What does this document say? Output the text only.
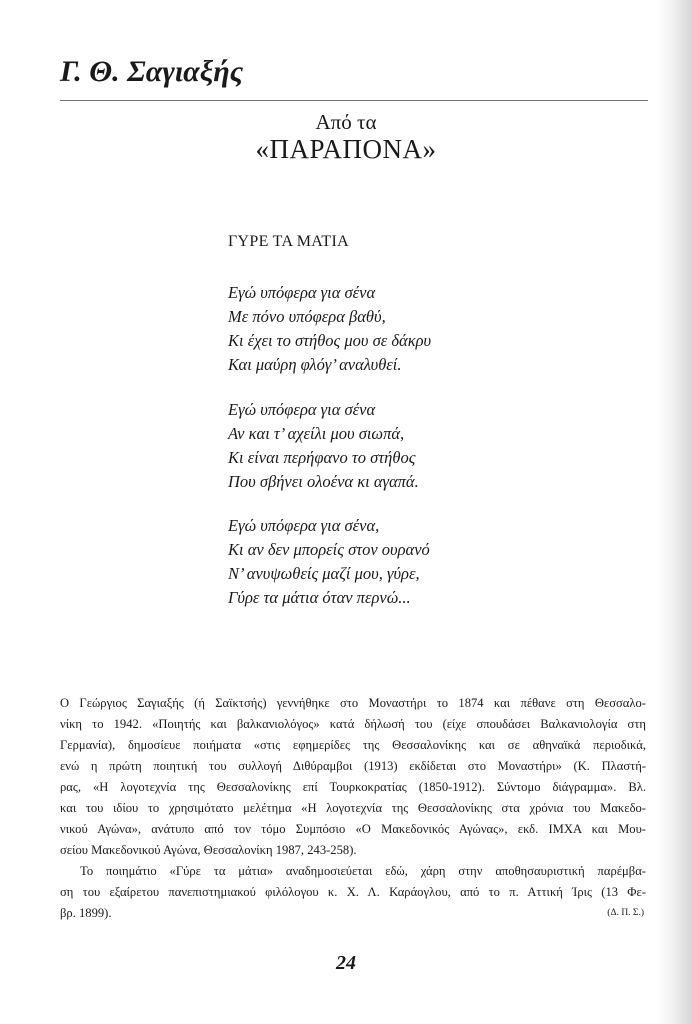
Γ. Θ. Σαγιαξής
Από τα
«ΠΑΡΑΠΟΝΑ»
ΓΥΡΕ ΤΑ ΜΑΤΙΑ
Εγώ υπόφερα για σένα
Με πόνο υπόφερα βαθύ,
Κι έχει το στήθος μου σε δάκρυ
Και μαύρη φλόγ’ αναλυθεί.
Εγώ υπόφερα για σένα
Αν και τ’ αχείλι μου σιωπά,
Κι είναι περήφανο το στήθος
Που σβήνει ολοένα κι αγαπά.
Εγώ υπόφερα για σένα,
Κι αν δεν μπορείς στον ουρανό
Ν’ ανυψωθείς μαζί μου, γύρε,
Γύρε τα μάτια όταν περνώ...
Ο Γεώργιος Σαγιαξής (ή Σαϊκτσής) γεννήθηκε στο Μοναστήρι το 1874 και πέθανε στη Θεσσαλο-
νίκη το 1942. «Ποιητής και βαλκανιολόγος» κατά δήλωσή του (είχε σπουδάσει Βαλκανιολογία στη
Γερμανία), δημοσίευε ποιήματα «στις εφημερίδες της Θεσσαλονίκης και σε αθηναϊκά περιοδικά,
ενώ η πρώτη ποιητική του συλλογή Διθύραμβοι (1913) εκδίδεται στο Μοναστήρι» (Κ. Πλαστή-
ρας, «Η λογοτεχνία της Θεσσαλονίκης επί Τουρκοκρατίας (1850-1912). Σύντομο διάγραμμα». Βλ.
και του ιδίου το χρησιμότατο μελέτημα «Η λογοτεχνία της Θεσσαλονίκης στα χρόνια του Μακεδο-
νικού Αγώνα», ανάτυπο από τον τόμο Συμπόσιο «Ο Μακεδονικός Αγώνας», εκδ. ΙΜΧΑ και Μου-
σείου Μακεδονικού Αγώνα, Θεσσαλονίκη 1987, 243-258).
Το ποιημάτιο «Γύρε τα μάτια» αναδημοσιεύεται εδώ, χάρη στην αποθησαυριστική παρέμβα-
ση του εξαίρετου πανεπιστημιακού φιλόλογου κ. Χ. Λ. Καράογλου, από το π. Αττική Ίρις (13 Φε-
βρ. 1899).	(Δ. Π. Σ.)
24
